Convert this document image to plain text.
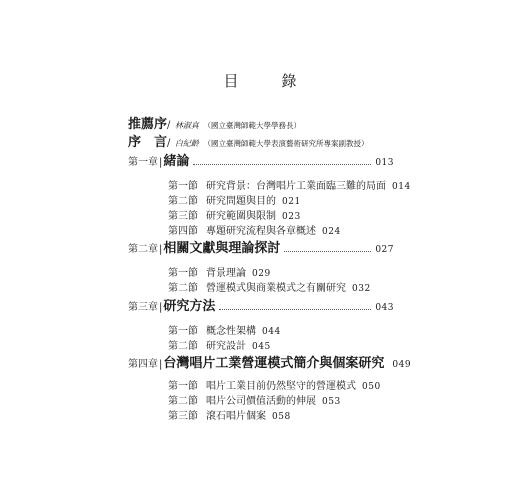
目　錄
推薦序/ 林淑真 （國立臺灣師範大學學務長）
序　言/ 白紀齡 （國立臺灣師範大學表演藝術研究所專案副教授）
第一章 | 緒論	013
第一節 研究背景：台灣唱片工業面臨三難的局面 014
第二節 研究問題與目的 021
第三節 研究範圍與限制 023
第四節 專題研究流程與各章概述 024
第二章 | 相關文獻與理論探討	027
第一節 背景理論 029
第二節 營運模式與商業模式之有關研究 032
第三章 | 研究方法	043
第一節 概念性架構 044
第二節 研究設計 045
第四章 | 台灣唱片工業營運模式簡介與個案研究 049
第一節 唱片工業目前仍然堅守的營運模式 050
第二節 唱片公司價值活動的伸展 053
第三節 滾石唱片個案 058
